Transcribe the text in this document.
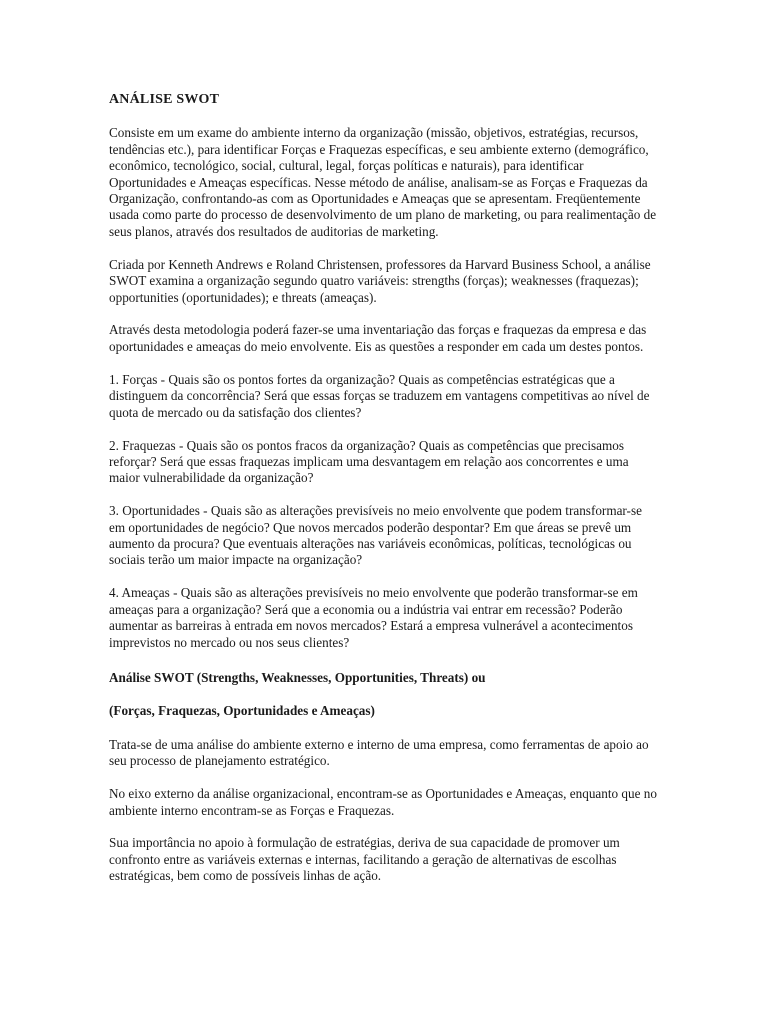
ANÁLISE SWOT

Consiste em um exame do ambiente interno da organização (missão, objetivos, estratégias, recursos, tendências etc.), para identificar Forças e Fraquezas específicas, e seu ambiente externo (demográfico, econômico, tecnológico, social, cultural, legal, forças políticas e naturais), para identificar Oportunidades e Ameaças específicas. Nesse método de análise, analisam-se as Forças e Fraquezas da Organização, confrontando-as com as Oportunidades e Ameaças que se apresentam. Freqüentemente usada como parte do processo de desenvolvimento de um plano de marketing, ou para realimentação de seus planos, através dos resultados de auditorias de marketing.

Criada por Kenneth Andrews e Roland Christensen, professores da Harvard Business School, a análise SWOT examina a organização segundo quatro variáveis: strengths (forças); weaknesses (fraquezas); opportunities (oportunidades); e threats (ameaças).

Através desta metodologia poderá fazer-se uma inventariação das forças e fraquezas da empresa e das oportunidades e ameaças do meio envolvente. Eis as questões a responder em cada um destes pontos.

1. Forças - Quais são os pontos fortes da organização? Quais as competências estratégicas que a distinguem da concorrência? Será que essas forças se traduzem em vantagens competitivas ao nível de quota de mercado ou da satisfação dos clientes?

2. Fraquezas - Quais são os pontos fracos da organização? Quais as competências que precisamos reforçar? Será que essas fraquezas implicam uma desvantagem em relação aos concorrentes e uma maior vulnerabilidade da organização?

3. Oportunidades - Quais são as alterações previsíveis no meio envolvente que podem transformar-se em oportunidades de negócio? Que novos mercados poderão despontar? Em que áreas se prevê um aumento da procura? Que eventuais alterações nas variáveis econômicas, políticas, tecnológicas ou sociais terão um maior impacte na organização?

4. Ameaças - Quais são as alterações previsíveis no meio envolvente que poderão transformar-se em ameaças para a organização? Será que a economia ou a indústria vai entrar em recessão? Poderão aumentar as barreiras à entrada em novos mercados? Estará a empresa vulnerável a acontecimentos imprevistos no mercado ou nos seus clientes?

Análise SWOT (Strengths, Weaknesses, Opportunities, Threats) ou
(Forças, Fraquezas, Oportunidades e Ameaças)

Trata-se de uma análise do ambiente externo e interno de uma empresa, como ferramentas de apoio ao seu processo de planejamento estratégico.

No eixo externo da análise organizacional, encontram-se as Oportunidades e Ameaças, enquanto que no ambiente interno encontram-se as Forças e Fraquezas.

Sua importância no apoio à formulação de estratégias, deriva de sua capacidade de promover um confronto entre as variáveis externas e internas, facilitando a geração de alternativas de escolhas estratégicas, bem como de possíveis linhas de ação.
